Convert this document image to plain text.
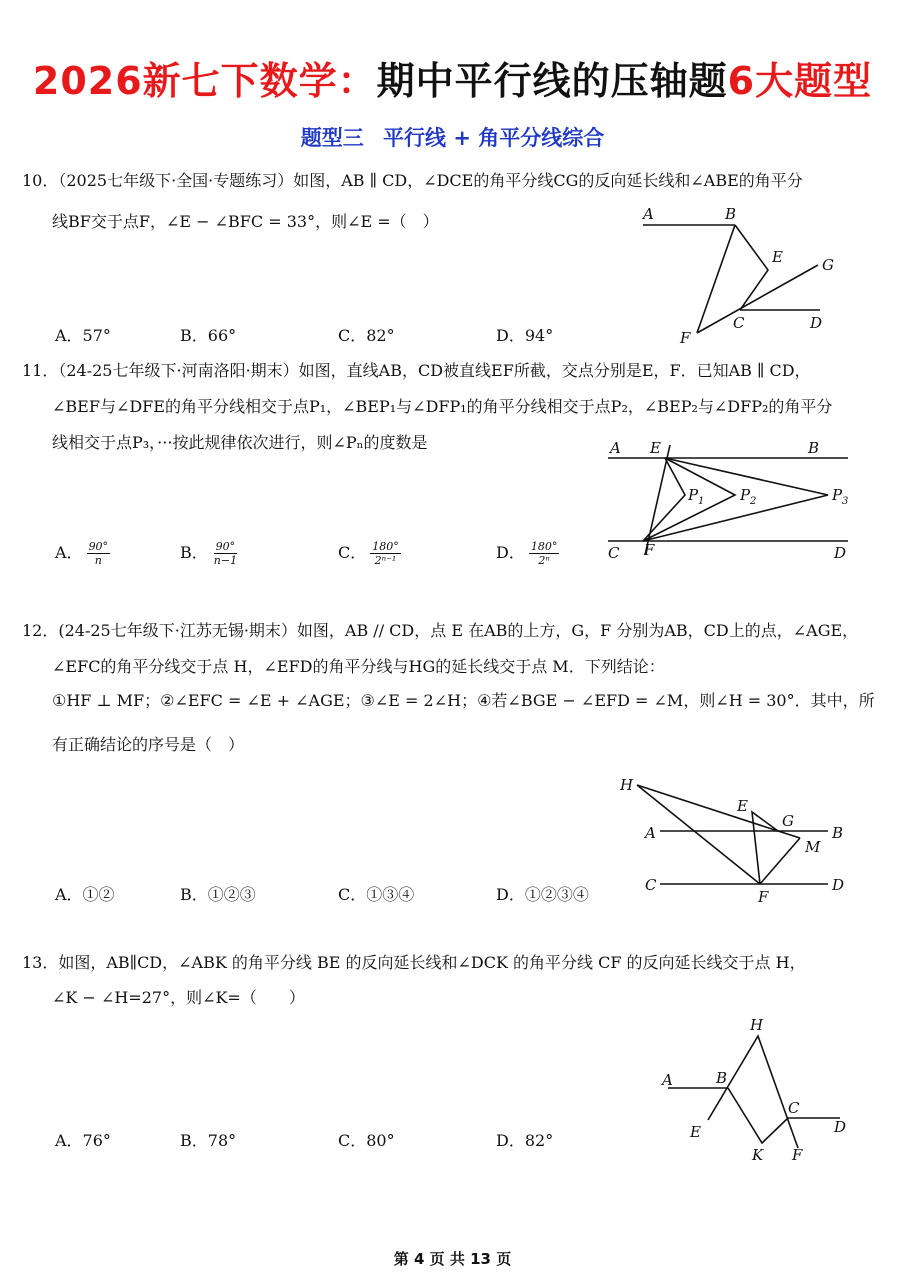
2026新七下数学：期中平行线的压轴题6大题型
题型三 平行线 + 角平分线综合
10．（2025七年级下·全国·专题练习）如图，AB ∥ CD，∠DCE的角平分线CG的反向延长线和∠ABE的角平分
线BF交于点F，∠E − ∠BFC = 33°，则∠E =（　）
A．57°	B．66°	C．82°	D．94°
A	B
E	G
C	D
F
11．（24-25七年级下·河南洛阳·期末）如图，直线AB，CD被直线EF所截，交点分别是E，F．已知AB ∥ CD，
∠BEF与∠DFE的角平分线相交于点P₁，∠BEP₁与∠DFP₁的角平分线相交于点P₂，∠BEP₂与∠DFP₂的角平分
线相交于点P₃，···按此规律依次进行，则∠Pₙ的度数是
A． $\frac{90^\circ}{n}$	B． $\frac{90^\circ}{n-1}$	C． $\frac{180^\circ}{\text{2ⁿ⁻¹}}$	D． $\frac{180^\circ}{\text{2ⁿ}}$
A E	B
P 1 P 2	P 3
C F	D
12．(24-25七年级下·江苏无锡·期末）如图，AB // CD，点 E 在AB的上方，G，F 分别为AB，CD上的点，∠AGE，
∠EFC的角平分线交于点 H，∠EFD的角平分线与HG的延长线交于点 M．下列结论：
①HF ⊥ MF；②∠EFC = ∠E + ∠AGE；③∠E = 2∠H；④若∠BGE − ∠EFD = ∠M，则∠H = 30°．其中，所
有正确结论的序号是（　）
A．①②	B．①②③	C．①③④	D．①②③④
H
E
G
A	B
M
C	D
F
13．如图，AB∥CD，∠ABK 的角平分线 BE 的反向延长线和∠DCK 的角平分线 CF 的反向延长线交于点 H，
∠K − ∠H=27°，则∠K=（　　）
A．76°	B．78°	C．80°	D．82°
H
A	B
C
D
E
K F
第 4 页 共 13 页
